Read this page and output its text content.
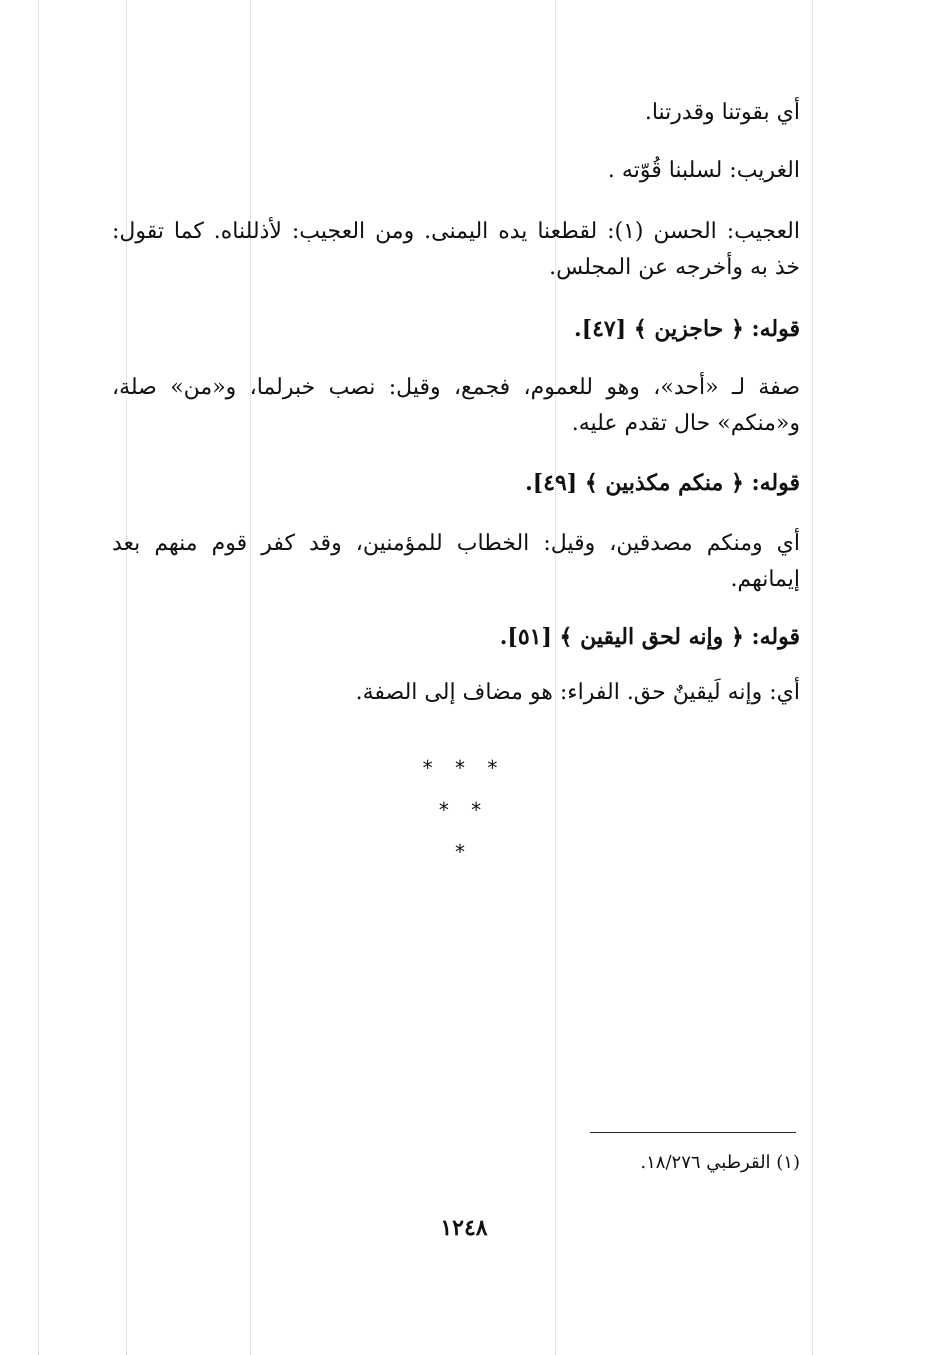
أي بقوتنا وقدرتنا.
الغريب: لسلبنا قُوّته .
العجيب: الحسن (١): لقطعنا يده اليمنى. ومن العجيب: لأذللناه. كما تقول: خذ به وأخرجه عن المجلس.
قوله: ﴿ حاجزين ﴾ [٤٧].
صفة لـ «أحد»، وهو للعموم، فجمع، وقيل: نصب خبرلما، و«من» صلة، و«منكم» حال تقدم عليه.
قوله: ﴿ منكم مكذبين ﴾ [٤٩].
أي ومنكم مصدقين، وقيل: الخطاب للمؤمنين، وقد كفر قوم منهم بعد إيمانهم.
قوله: ﴿ وإنه لحق اليقين ﴾ [٥١].
أي: وإنه لَيقينٌ حق. الفراء: هو مضاف إلى الصفة.
* * *
* *
*
(١) القرطبي ١٨/٢٧٦.
١٢٤٨
